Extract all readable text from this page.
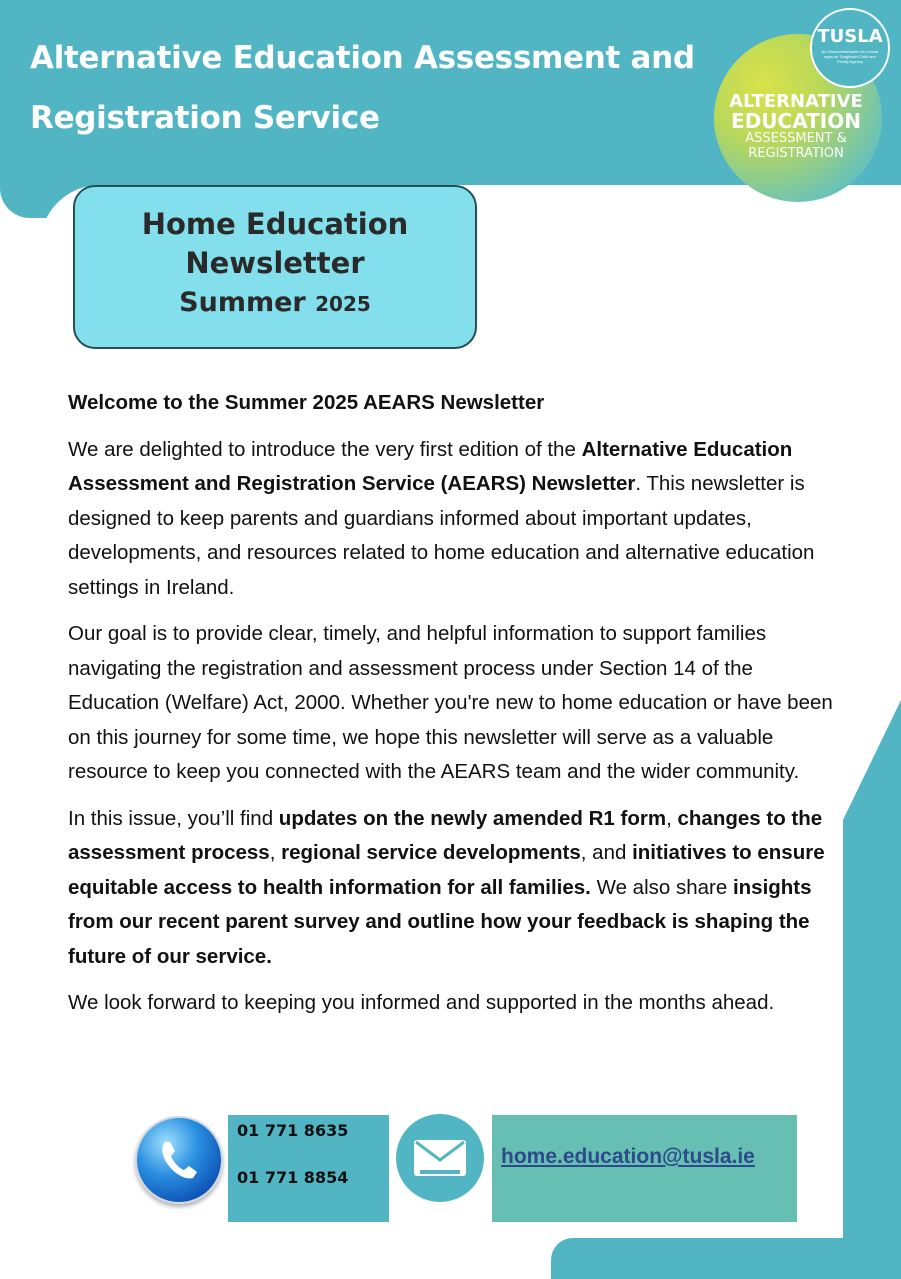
Alternative Education Assessment and Registration Service	ALTERNATIVE
EDUCATION
ASSESSMENT &
REGISTRATION
TUSLA
An Ghníomhaireacht um Leanaí agus an Teaghlach Child and Family Agency
Home Education
Newsletter
Summer 2025

Welcome to the Summer 2025 AEARS Newsletter

We are delighted to introduce the very first edition of the Alternative Education Assessment and Registration Service (AEARS) Newsletter. This newsletter is designed to keep parents and guardians informed about important updates, developments, and resources related to home education and alternative education settings in Ireland.

Our goal is to provide clear, timely, and helpful information to support families navigating the registration and assessment process under Section 14 of the Education (Welfare) Act, 2000. Whether you're new to home education or have been on this journey for some time, we hope this newsletter will serve as a valuable resource to keep you connected with the AEARS team and the wider community.

In this issue, you’ll find updates on the newly amended R1 form, changes to the assessment process, regional service developments, and initiatives to ensure equitable access to health information for all families. We also share insights from our recent parent survey and outline how your feedback is shaping the future of our service.

We look forward to keeping you informed and supported in the months ahead.

01 771 8635
01 771 8854
home.education@tusla.ie
